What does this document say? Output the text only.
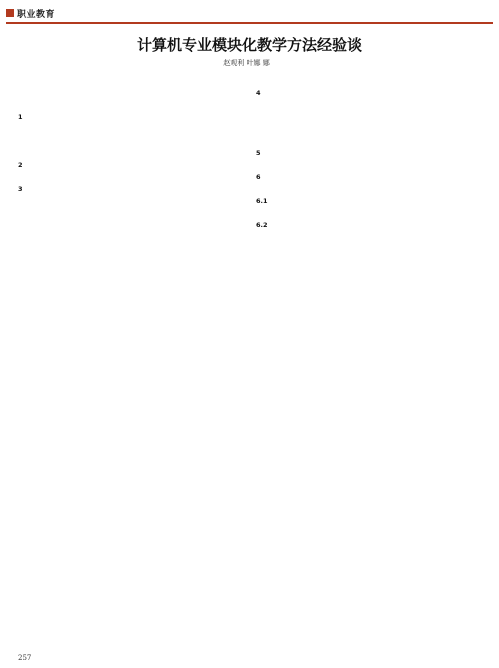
职业教育
计算机专业模块化教学方法经验谈
赵观利 叶娜 娜
1
2
3
4
5
6
6.1
6.2
257
